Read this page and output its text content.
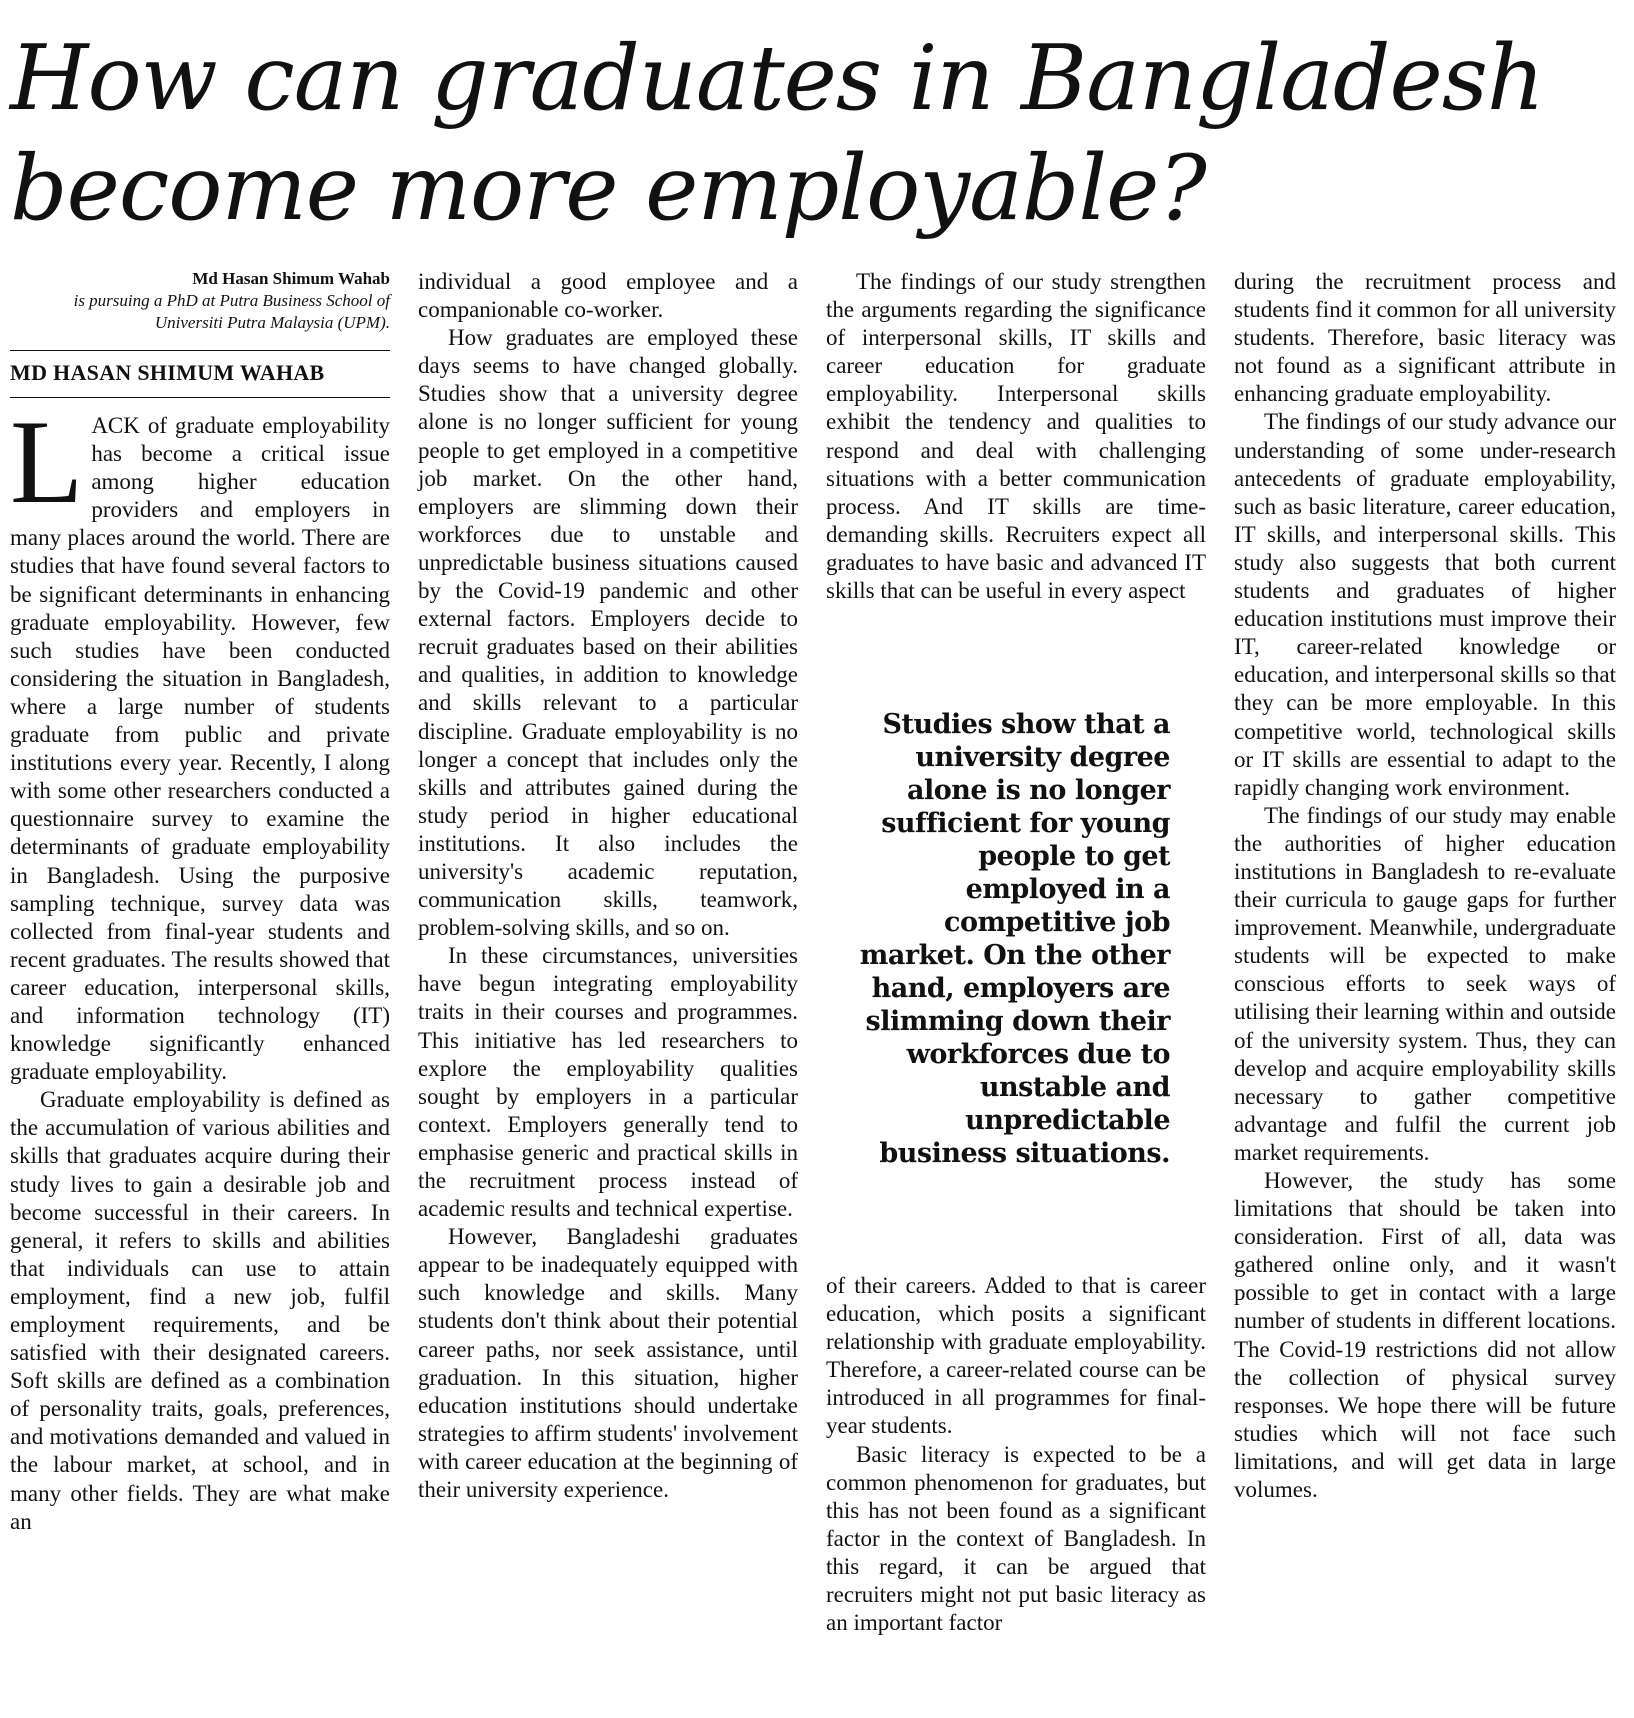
How can graduates in Bangladesh become more employable?
Md Hasan Shimum Wahab
is pursuing a PhD at Putra Business School of Universiti Putra Malaysia (UPM).
MD HASAN SHIMUM WAHAB

LACK of graduate employability has become a critical issue among higher education providers and employers in many places around the world. There are studies that have found several factors to be significant determinants in enhancing graduate employability. However, few such studies have been conducted considering the situation in Bangladesh, where a large number of students graduate from public and private institutions every year. Recently, I along with some other researchers conducted a questionnaire survey to examine the determinants of graduate employability in Bangladesh. Using the purposive sampling technique, survey data was collected from final-year students and recent graduates. The results showed that career education, interpersonal skills, and information technology (IT) knowledge significantly enhanced graduate employability.

Graduate employability is defined as the accumulation of various abilities and skills that graduates acquire during their study lives to gain a desirable job and become successful in their careers. In general, it refers to skills and abilities that individuals can use to attain employment, find a new job, fulfil employment requirements, and be satisfied with their designated careers. Soft skills are defined as a combination of personality traits, goals, preferences, and motivations demanded and valued in the labour market, at school, and in many other fields. They are what make an

individual a good employee and a companionable co-worker.

How graduates are employed these days seems to have changed globally. Studies show that a university degree alone is no longer sufficient for young people to get employed in a competitive job market. On the other hand, employers are slimming down their workforces due to unstable and unpredictable business situations caused by the Covid-19 pandemic and other external factors. Employers decide to recruit graduates based on their abilities and qualities, in addition to knowledge and skills relevant to a particular discipline. Graduate employability is no longer a concept that includes only the skills and attributes gained during the study period in higher educational institutions. It also includes the university's academic reputation, communication skills, teamwork, problem-solving skills, and so on.

In these circumstances, universities have begun integrating employability traits in their courses and programmes. This initiative has led researchers to explore the employability qualities sought by employers in a particular context. Employers generally tend to emphasise generic and practical skills in the recruitment process instead of academic results and technical expertise.

However, Bangladeshi graduates appear to be inadequately equipped with such knowledge and skills. Many students don't think about their potential career paths, nor seek assistance, until graduation. In this situation, higher education institutions should undertake strategies to affirm students' involvement with career education at the beginning of their university experience.

The findings of our study strengthen the arguments regarding the significance of interpersonal skills, IT skills and career education for graduate employability. Interpersonal skills exhibit the tendency and qualities to respond and deal with challenging situations with a better communication process. And IT skills are time-demanding skills. Recruiters expect all graduates to have basic and advanced IT skills that can be useful in every aspect

Studies show that a university degree alone is no longer sufficient for young people to get employed in a competitive job market. On the other hand, employers are slimming down their workforces due to unstable and unpredictable business situations.

of their careers. Added to that is career education, which posits a significant relationship with graduate employability. Therefore, a career-related course can be introduced in all programmes for final-year students.

Basic literacy is expected to be a common phenomenon for graduates, but this has not been found as a significant factor in the context of Bangladesh. In this regard, it can be argued that recruiters might not put basic literacy as an important factor

during the recruitment process and students find it common for all university students. Therefore, basic literacy was not found as a significant attribute in enhancing graduate employability.

The findings of our study advance our understanding of some under-research antecedents of graduate employability, such as basic literature, career education, IT skills, and interpersonal skills. This study also suggests that both current students and graduates of higher education institutions must improve their IT, career-related knowledge or education, and interpersonal skills so that they can be more employable. In this competitive world, technological skills or IT skills are essential to adapt to the rapidly changing work environment.

The findings of our study may enable the authorities of higher education institutions in Bangladesh to re-evaluate their curricula to gauge gaps for further improvement. Meanwhile, undergraduate students will be expected to make conscious efforts to seek ways of utilising their learning within and outside of the university system. Thus, they can develop and acquire employability skills necessary to gather competitive advantage and fulfil the current job market requirements.

However, the study has some limitations that should be taken into consideration. First of all, data was gathered online only, and it wasn't possible to get in contact with a large number of students in different locations. The Covid-19 restrictions did not allow the collection of physical survey responses. We hope there will be future studies which will not face such limitations, and will get data in large volumes.
